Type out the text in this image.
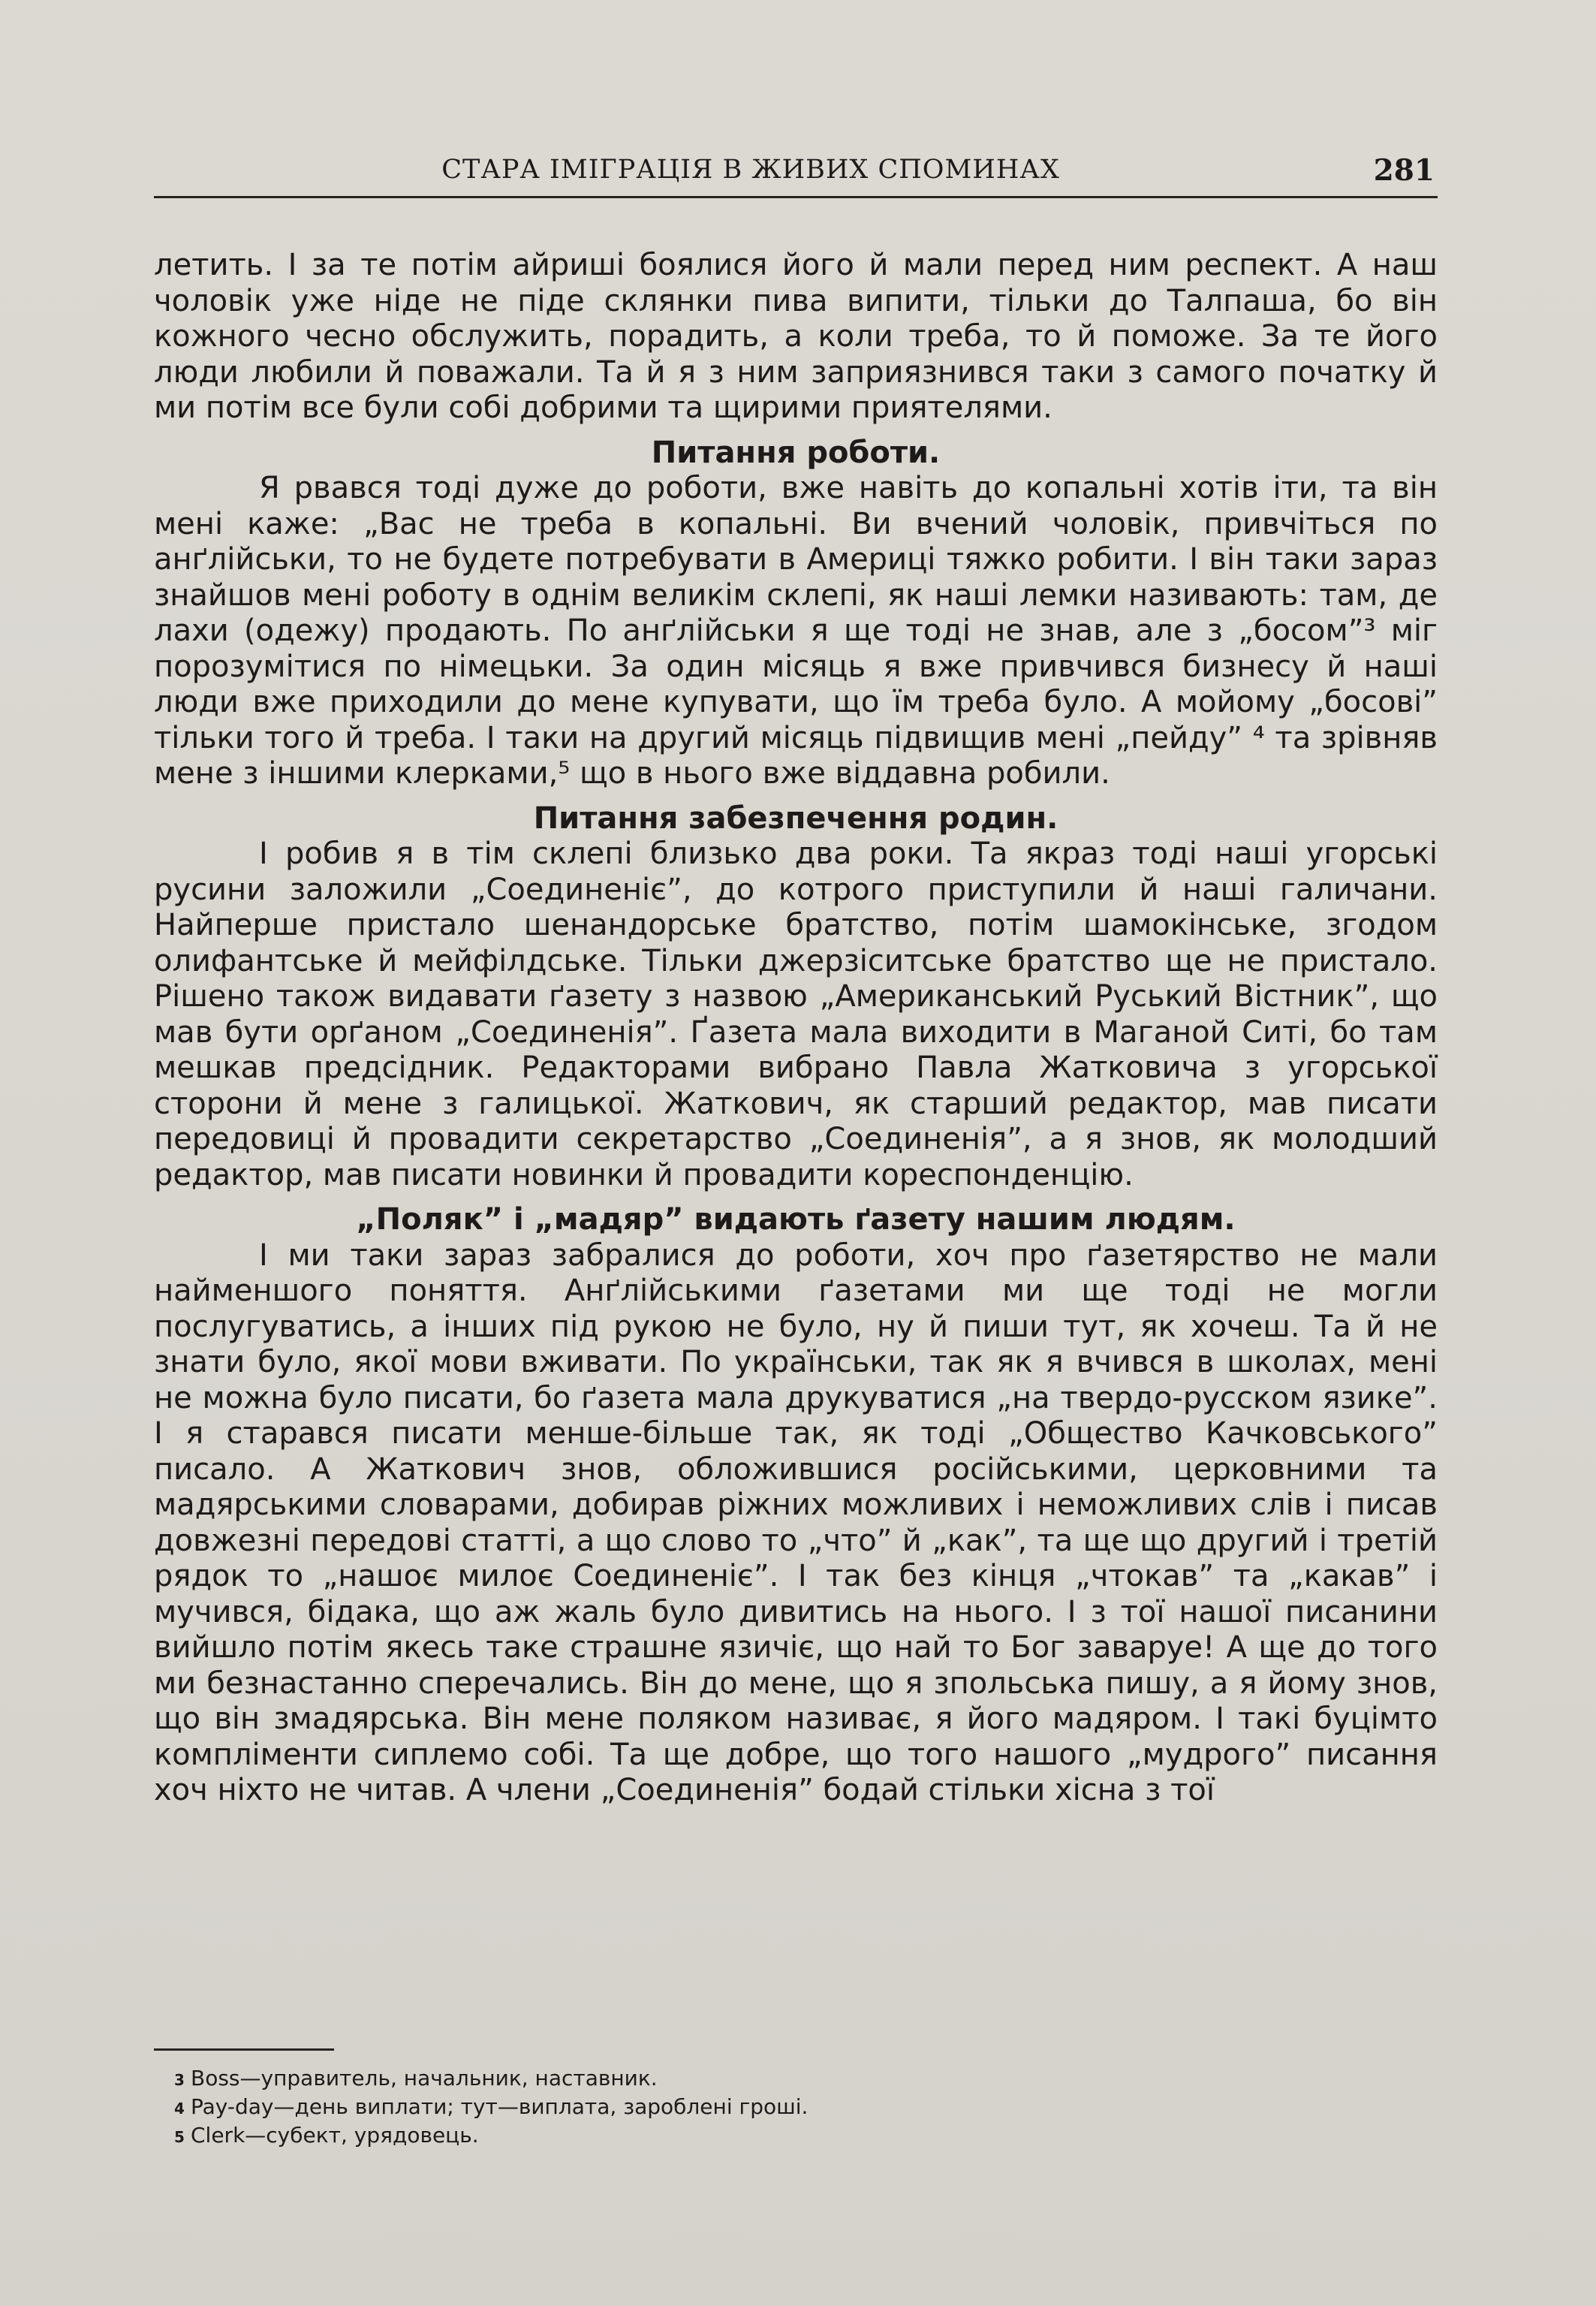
СТАРА ІМІГРАЦІЯ В ЖИВИХ СПОМИНАХ	281

летить. І за те потім айриші боялися його й мали перед ним респект. А наш чоловік уже ніде не піде склянки пива випити, тільки до Талпаша, бо він кожного чесно обслужить, порадить, а коли треба, то й поможе. За те його люди любили й поважали. Та й я з ним заприязнився таки з самого початку й ми потім все були собі добрими та щирими приятелями.

Питання роботи.

Я рвався тоді дуже до роботи, вже навіть до копальні хотів іти, та він мені каже: „Вас не треба в копальні. Ви вчений чоловік, привчіться по анґлійськи, то не будете потребувати в Америці тяжко робити. І він таки зараз знайшов мені роботу в однім великім склепі, як наші лемки називають: там, де лахи (одежу) продають. По анґлійськи я ще тоді не знав, але з „босом”³ міг порозумітися по німецьки. За один місяць я вже привчився бизнесу й наші люди вже приходили до мене купувати, що їм треба було. А мойому „босові” тільки того й треба. І таки на другий місяць підвищив мені „пейду” ⁴ та зрівняв мене з іншими клерками,⁵ що в нього вже віддавна робили.

Питання забезпечення родин.

І робив я в тім склепі близько два роки. Та якраз тоді наші угорські русини заложили „Соединеніє”, до котрого приступили й наші галичани. Найперше пристало шенандорське братство, потім шамокінське, згодом олифантське й мейфілдське. Тільки джерзіситське братство ще не пристало. Рішено також видавати ґазету з назвою „Американський Руський Вістник”, що мав бути орґаном „Соединенія”. Ґазета мала виходити в Маганой Ситі, бо там мешкав предсідник. Редакторами вибрано Павла Жатковича з угорської сторони й мене з галицької. Жаткович, як старший редактор, мав писати передовиці й провадити секретарство „Соединенія”, а я знов, як молодший редактор, мав писати новинки й провадити кореспонденцію.

„Поляк” і „мадяр” видають ґазету нашим людям.

І ми таки зараз забралися до роботи, хоч про ґазетярство не мали найменшого поняття. Анґлійськими ґазетами ми ще тоді не могли послугуватись, а інших під рукою не було, ну й пиши тут, як хочеш. Та й не знати було, якої мови вживати. По українськи, так як я вчився в школах, мені не можна було писати, бо ґазета мала друкуватися „на твердо-русском язике”. І я старався писати менше-більше так, як тоді „Общество Качковського” писало. А Жаткович знов, обложившися російськими, церковними та мадярськими словарами, добирав ріжних можливих і неможливих слів і писав довжезні передові статті, а що слово то „что” й „как”, та ще що другий і третій рядок то „нашоє милоє Соединеніє”. І так без кінця „чтокав” та „какав” і мучився, бідака, що аж жаль було дивитись на нього. І з тої нашої писанини вийшло потім якесь таке страшне язичіє, що най то Бог заваруе! А ще до того ми безнастанно сперечались. Він до мене, що я зпольська пишу, а я йому знов, що він змадярська. Він мене поляком називає, я його мадяром. І такі буцімто компліменти сиплемо собі. Та ще добре, що того нашого „мудрого” писання хоч ніхто не читав. А члени „Соединенія” бодай стільки хісна з тої

3 Boss—управитель, начальник, наставник.
4 Pay-day—день виплати; тут—виплата, зароблені гроші.
5 Clerk—субект, урядовець.
